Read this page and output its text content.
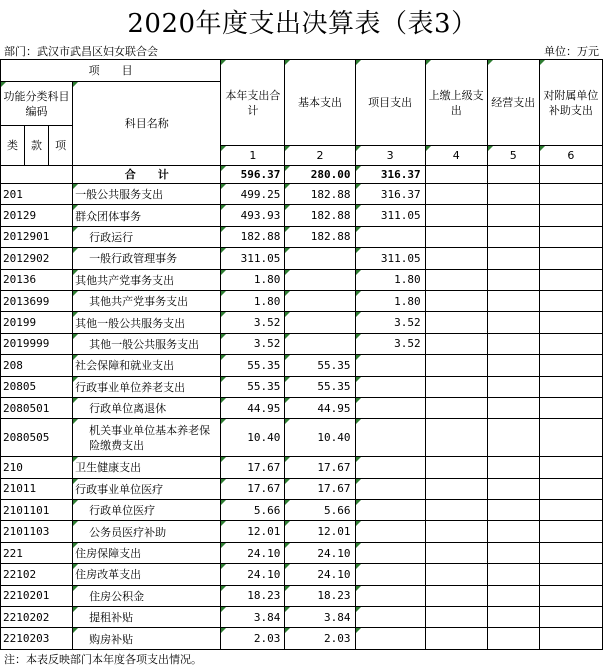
2020年度支出决算表（表3）
部门：武汉市武昌区妇女联合会	单位：万元
项　　目				本年支出合计	基本支出	项目支出	上缴上级支出	经营支出	对附属单位补助支出
功能分类科目编码			科目名称						
类	款	项							
				1	2	3	4	5	6
			合　　计	596.37	280.00	316.37			
201			一般公共服务支出	499.25	182.88	316.37			
20129			群众团体事务	493.93	182.88	311.05			
2012901			行政运行	182.88	182.88				
2012902			一般行政管理事务	311.05		311.05			
20136			其他共产党事务支出	1.80		1.80			
2013699			其他共产党事务支出	1.80		1.80			
20199			其他一般公共服务支出	3.52		3.52			
2019999			其他一般公共服务支出	3.52		3.52			
208			社会保障和就业支出	55.35	55.35				
20805			行政事业单位养老支出	55.35	55.35				
2080501			行政单位离退休	44.95	44.95				
2080505			机关事业单位基本养老保险缴费支出	10.40	10.40				
210			卫生健康支出	17.67	17.67				
21011			行政事业单位医疗	17.67	17.67				
2101101			行政单位医疗	5.66	5.66				
2101103			公务员医疗补助	12.01	12.01				
221			住房保障支出	24.10	24.10				
22102			住房改革支出	24.10	24.10				
2210201			住房公积金	18.23	18.23				
2210202			提租补贴	3.84	3.84				
2210203			购房补贴	2.03	2.03				
注：本表反映部门本年度各项支出情况。
